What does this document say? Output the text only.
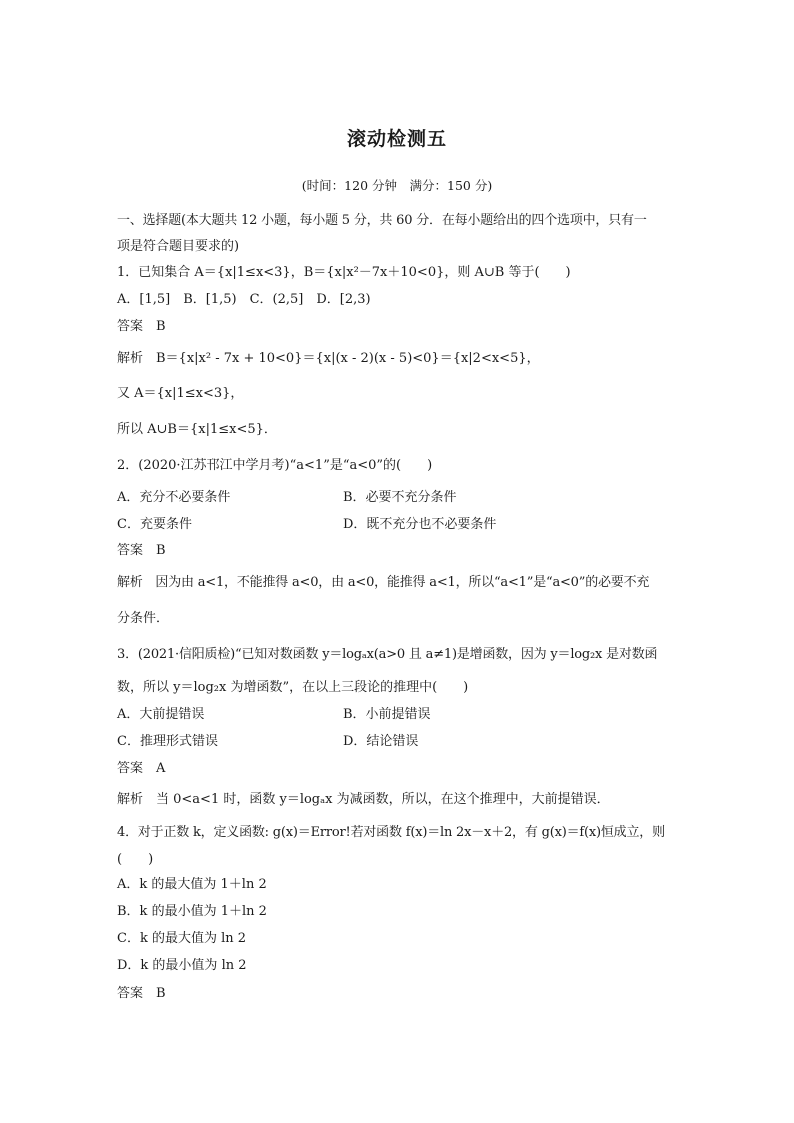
滚动检测五
(时间：120 分钟　满分：150 分)
一、选择题(本大题共 12 小题，每小题 5 分，共 60 分．在每小题给出的四个选项中，只有一
项是符合题目要求的)
1．已知集合 A＝{x|1≤x<3}，B＝{x|x²－7x＋10<0}，则 A∪B 等于(　　)
A．[1,5]　B．[1,5)　C．(2,5]　D．[2,3)
答案　B
解析　B＝{x|x² - 7x + 10<0}＝{x|(x - 2)(x - 5)<0}＝{x|2<x<5}，
又 A＝{x|1≤x<3}，
所以 A∪B＝{x|1≤x<5}．
2．(2020·江苏邗江中学月考)“a<1”是“a<0”的(　　)
A．充分不必要条件	B．必要不充分条件
C．充要条件	D．既不充分也不必要条件
答案　B
解析　因为由 a<1，不能推得 a<0，由 a<0，能推得 a<1，所以“a<1”是“a<0”的必要不充
分条件．
3．(2021·信阳质检)“已知对数函数 y＝logₐx(a>0 且 a≠1)是增函数，因为 y＝log₂x 是对数函
数，所以 y＝log₂x 为增函数”，在以上三段论的推理中(　　)
A．大前提错误	B．小前提错误
C．推理形式错误	D．结论错误
答案　A
解析　当 0<a<1 时，函数 y＝logₐx 为减函数，所以，在这个推理中，大前提错误．
4．对于正数 k，定义函数: g(x)＝Error!若对函数 f(x)＝ln 2x－x＋2，有 g(x)＝f(x)恒成立，则
(　　)
A．k 的最大值为 1＋ln 2
B．k 的最小值为 1＋ln 2
C．k 的最大值为 ln 2
D．k 的最小值为 ln 2
答案　B
